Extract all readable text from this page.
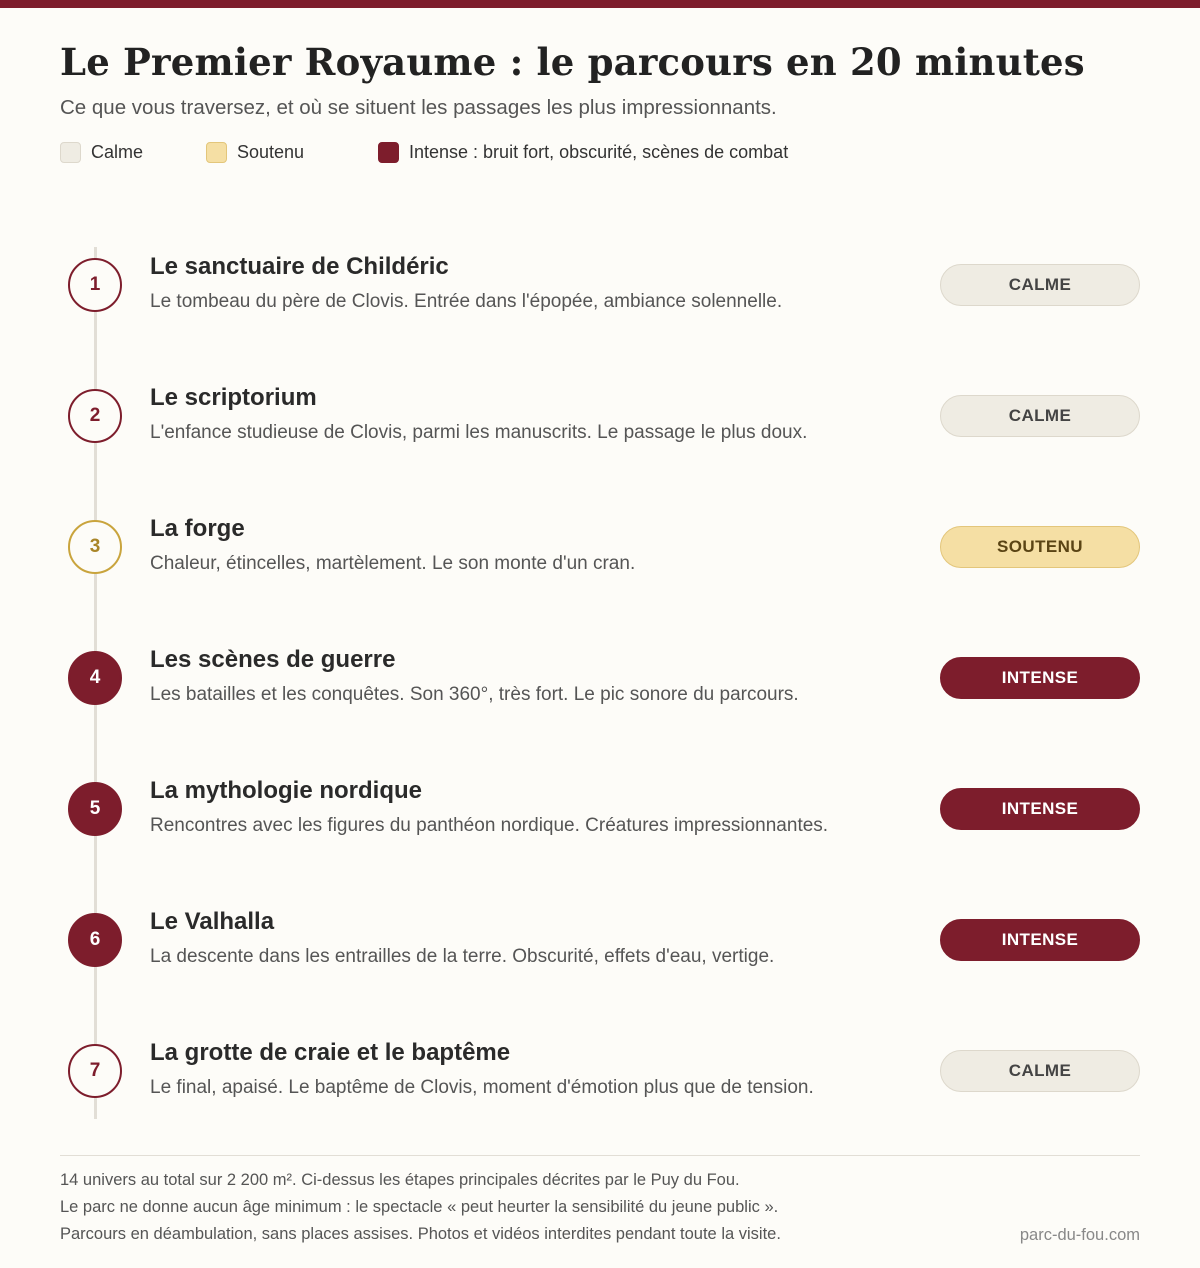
Le Premier Royaume : le parcours en 20 minutes

Ce que vous traversez, et où se situent les passages les plus impressionnants.

Calme	Soutenu	Intense : bruit fort, obscurité, scènes de combat
1
Le sanctuaire de Childéric
Le tombeau du père de Clovis. Entrée dans l'épopée, ambiance solennelle.
CALME
2
Le scriptorium
L'enfance studieuse de Clovis, parmi les manuscrits. Le passage le plus doux.
CALME
3
La forge
Chaleur, étincelles, martèlement. Le son monte d'un cran.
SOUTENU
4
Les scènes de guerre
Les batailles et les conquêtes. Son 360°, très fort. Le pic sonore du parcours.
INTENSE
5
La mythologie nordique
Rencontres avec les figures du panthéon nordique. Créatures impressionnantes.
INTENSE
6
Le Valhalla
La descente dans les entrailles de la terre. Obscurité, effets d'eau, vertige.
INTENSE
7
La grotte de craie et le baptême
Le final, apaisé. Le baptême de Clovis, moment d'émotion plus que de tension.
CALME

14 univers au total sur 2 200 m². Ci-dessus les étapes principales décrites par le Puy du Fou.

Le parc ne donne aucun âge minimum : le spectacle « peut heurter la sensibilité du jeune public ».

Parcours en déambulation, sans places assises. Photos et vidéos interdites pendant toute la visite.	parc-du-fou.com
